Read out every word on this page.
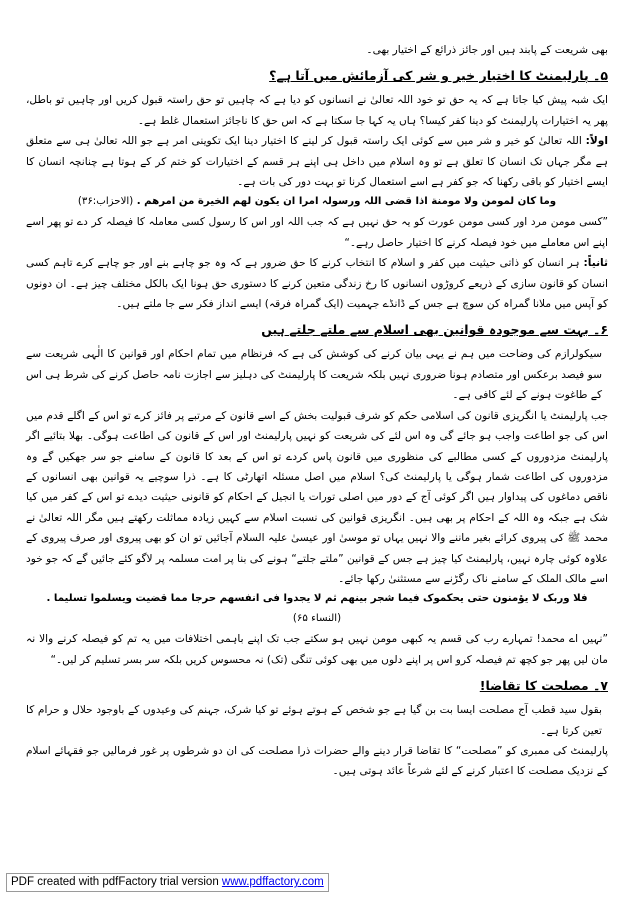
بھی شریعت کے پابند ہیں اور جائز ذرائع کے اختیار بھی۔

۵۔ پارلیمنٹ کا اختیار خیر و شر کی آزمائش میں آتا ہے؟

ایک شبہ پیش کیا جاتا ہے کہ یہ حق تو خود اللہ تعالیٰ نے انسانوں کو دیا ہے کہ چاہیں تو حق راستہ قبول کریں اور چاہیں تو باطل، پھر یہ اختیارات پارلیمنٹ کو دینا کفر کیسا؟ ہاں یہ کہا جا سکتا ہے کہ اس حق کا ناجائز استعمال غلط ہے۔

اولاً: اللہ تعالیٰ کو خیر و شر میں سے کوئی ایک راستہ قبول کر لینے کا اختیار دینا ایک تکوینی امر ہے جو اللہ تعالیٰ ہی سے متعلق ہے مگر جہاں تک انسان کا تعلق ہے تو وہ اسلام میں داخل ہی اپنے ہر قسم کے اختیارات کو ختم کر کے ہوتا ہے چنانچہ انسان کا ایسے اختیار کو باقی رکھنا کہ جو کفر ہے اسے استعمال کرنا تو بہت دور کی بات ہے۔

وما کان لمومن ولا مومنة اذا قضی اللہ ورسولہ امرا ان یکون لھم الخیرة من امرھم . (الاحزاب:۳۶)

”کسی مومن مرد اور کسی مومن عورت کو یہ حق نہیں ہے کہ جب اللہ اور اس کا رسول کسی معاملہ کا فیصلہ کر دے تو پھر اسے اپنے اس معاملے میں خود فیصلہ کرنے کا اختیار حاصل رہے۔“

ثانیاً: ہر انسان کو ذاتی حیثیت میں کفر و اسلام کا انتخاب کرنے کا حق ضرور ہے کہ وہ جو چاہے بنے اور جو چاہے کرے تاہم کسی انسان کو قانون سازی کے ذریعے کروڑوں انسانوں کا رخ زندگی متعین کرنے کا دستوری حق ہونا ایک بالکل مختلف چیز ہے۔ ان دونوں کو آپس میں ملانا گمراہ کن سوچ ہے جس کے ڈانڈے جہمیت (ایک گمراہ فرقہ) ایسے انداز فکر سے جا ملتے ہیں۔

۶۔ بہت سے موجودہ قوانین بھی اسلام سے ملتے جلتے ہیں

سیکولرازم کی وضاحت میں ہم نے یہی بیان کرنے کی کوشش کی ہے کہ فرنظام میں تمام احکام اور قوانین کا الٰہی شریعت سے سو فیصد برعکس اور متصادم ہونا ضروری نہیں بلکہ شریعت کا پارلیمنٹ کی دہلیز سے اجازت نامہ حاصل کرنے کی شرط ہی اس کے طاغوت ہونے کے لئے کافی ہے۔

جب پارلیمنٹ یا انگریزی قانون کی اسلامی حکم کو شرف قبولیت بخش کے اسے قانون کے مرتبے پر فائز کرے تو اس کے اگلے قدم میں اس کی جو اطاعت واجب ہو جائے گی وہ اس لئے کی شریعت کو نہیں پارلیمنٹ اور اس کے قانون کی اطاعت ہوگی۔ بھلا بتائیے اگر پارلیمنٹ مزدوروں کے کسی مطالبے کی منظوری میں قانون پاس کردے تو اس کے بعد کا قانون کے سامنے جو سر جھکیں گے وہ مزدوروں کی اطاعت شمار ہوگی یا پارلیمنٹ کی؟ اسلام میں اصل مسئلہ اتھارٹی کا ہے۔ ذرا سوچیے یہ قوانین بھی انسانوں کے ناقص دماغوں کی پیداوار ہیں اگر کوئی آج کے دور میں اصلی تورات یا انجیل کے احکام کو قانونی حیثیت دیدے تو اس کے کفر میں کیا شک ہے جبکہ وہ اللہ کے احکام پر بھی ہیں۔ انگریزی قوانین کی نسبت اسلام سے کہیں زیادہ مماثلت رکھتے ہیں مگر اللہ تعالیٰ نے محمد ﷺ کی پیروی کرائے بغیر ماننے والا نہیں یہاں تو موسیٰ اور عیسیٰ علیہ السلام آجائیں تو ان کو بھی پیروی اور صرف پیروی کے علاوہ کوئی چارہ نہیں، پارلیمنٹ کیا چیز ہے جس کے قوانین ”ملتے جلتے“ ہونے کی بنا پر امت مسلمہ پر لاگو کئے جائیں گے کہ جو خود اسے مالک الملک کے سامنے ناک رگڑنے سے مستثنیٰ رکھا جائے۔

فلا وربک لا یؤمنون حتی یحکموک فیما شجر بینھم ثم لا یجدوا فی انفسھم حرجا مما قضیت ویسلموا تسلیما .

(النساء ۶۵)

”نہیں اے محمد! تمہارے رب کی قسم یہ کبھی مومن نہیں ہو سکتے جب تک اپنے باہمی اختلافات میں یہ تم کو فیصلہ کرنے والا نہ مان لیں پھر جو کچھ تم فیصلہ کرو اس پر اپنے دلوں میں بھی کوئی تنگی (تک) نہ محسوس کریں بلکہ سر بسر تسلیم کر لیں۔“

۷۔ مصلحت کا تقاضا!

بقول سید قطب آج مصلحت ایسا بت بن گیا ہے جو شخص کے ہوتے ہوئے تو کیا شرک، جہنم کی وعیدوں کے باوجود حلال و حرام کا تعین کرتا ہے۔

پارلیمنٹ کی ممبری کو ”مصلحت“ کا تقاضا قرار دینے والے حضرات ذرا مصلحت کی ان دو شرطوں پر غور فرمالیں جو فقہائے اسلام کے نزدیک مصلحت کا اعتبار کرنے کے لئے شرعاً عائد ہوتی ہیں۔

PDF created with pdfFactory trial version www.pdffactory.com
